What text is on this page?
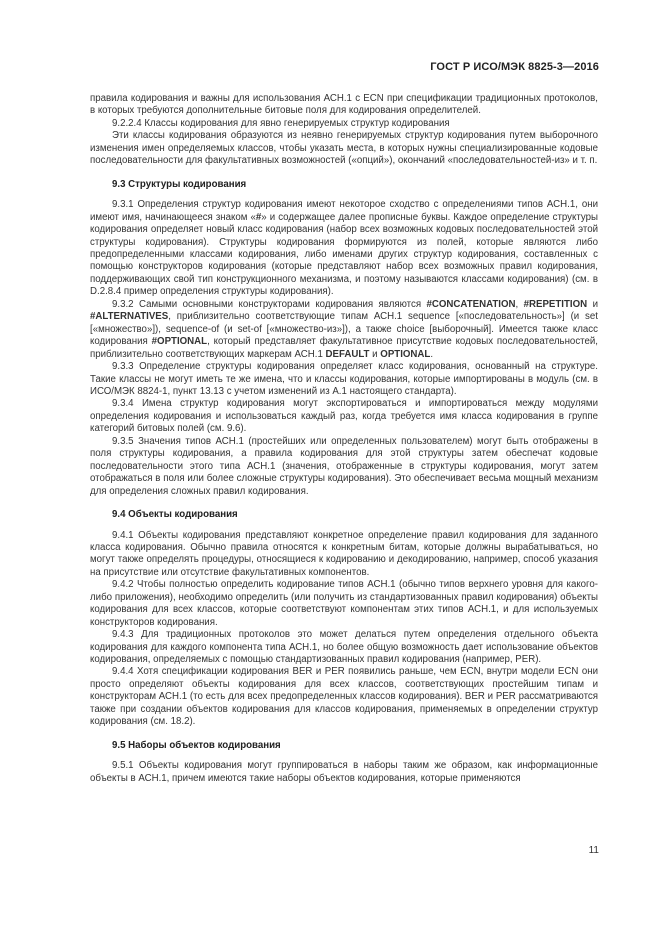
ГОСТ Р ИСО/МЭК 8825-3—2016

правила кодирования и важны для использования АСН.1 с ECN при спецификации традиционных протоколов, в которых требуются дополнительные битовые поля для кодирования определителей.

9.2.2.4 Классы кодирования для явно генерируемых структур кодирования

Эти классы кодирования образуются из неявно генерируемых структур кодирования путем выборочного изменения имен определяемых классов, чтобы указать места, в которых нужны специализированные кодовые последовательности для факультативных возможностей («опций»), окончаний «последовательностей-из» и т. п.

9.3 Структуры кодирования

9.3.1 Определения структур кодирования имеют некоторое сходство с определениями типов АСН.1, они имеют имя, начинающееся знаком «#» и содержащее далее прописные буквы. Каждое определение структуры кодирования определяет новый класс кодирования (набор всех возможных кодовых последовательностей этой структуры кодирования). Структуры кодирования формируются из полей, которые являются либо предопределенными классами кодирования, либо именами других структур кодирования, составленных с помощью конструкторов кодирования (которые представляют набор всех возможных правил кодирования, поддерживающих свой тип конструкционного механизма, и поэтому называются классами кодирования) (см. в D.2.8.4 пример определения структуры кодирования).

9.3.2 Самыми основными конструкторами кодирования являются #CONCATENATION, #REPETITION и #ALTERNATIVES, приблизительно соответствующие типам АСН.1 sequence [«последовательность»] (и set [«множество»]), sequence-of (и set-of [«множество-из»]), а также choice [выборочный]. Имеется также класс кодирования #OPTIONAL, который представляет факультативное присутствие кодовых последовательностей, приблизительно соответствующих маркерам АСН.1 DEFAULT и OPTIONAL.

9.3.3 Определение структуры кодирования определяет класс кодирования, основанный на структуре. Такие классы не могут иметь те же имена, что и классы кодирования, которые импортированы в модуль (см. в ИСО/МЭК 8824-1, пункт 13.13 с учетом изменений из А.1 настоящего стандарта).

9.3.4 Имена структур кодирования могут экспортироваться и импортироваться между модулями определения кодирования и использоваться каждый раз, когда требуется имя класса кодирования в группе категорий битовых полей (см. 9.6).

9.3.5 Значения типов АСН.1 (простейших или определенных пользователем) могут быть отображены в поля структуры кодирования, а правила кодирования для этой структуры затем обеспечат кодовые последовательности этого типа АСН.1 (значения, отображенные в структуры кодирования, могут затем отображаться в поля или более сложные структуры кодирования). Это обеспечивает весьма мощный механизм для определения сложных правил кодирования.

9.4 Объекты кодирования

9.4.1 Объекты кодирования представляют конкретное определение правил кодирования для заданного класса кодирования. Обычно правила относятся к конкретным битам, которые должны вырабатываться, но могут также определять процедуры, относящиеся к кодированию и декодированию, например, способ указания на присутствие или отсутствие факультативных компонентов.

9.4.2 Чтобы полностью определить кодирование типов АСН.1 (обычно типов верхнего уровня для какого-либо приложения), необходимо определить (или получить из стандартизованных правил кодирования) объекты кодирования для всех классов, которые соответствуют компонентам этих типов АСН.1, и для используемых конструкторов кодирования.

9.4.3 Для традиционных протоколов это может делаться путем определения отдельного объекта кодирования для каждого компонента типа АСН.1, но более общую возможность дает использование объектов кодирования, определяемых с помощью стандартизованных правил кодирования (например, PER).

9.4.4 Хотя спецификации кодирования BER и PER появились раньше, чем ECN, внутри модели ECN они просто определяют объекты кодирования для всех классов, соответствующих простейшим типам и конструкторам АСН.1 (то есть для всех предопределенных классов кодирования). BER и PER рассматриваются также при создании объектов кодирования для классов кодирования, применяемых в определении структур кодирования (см. 18.2).

9.5 Наборы объектов кодирования

9.5.1 Объекты кодирования могут группироваться в наборы таким же образом, как информационные объекты в АСН.1, причем имеются такие наборы объектов кодирования, которые применяются

11
